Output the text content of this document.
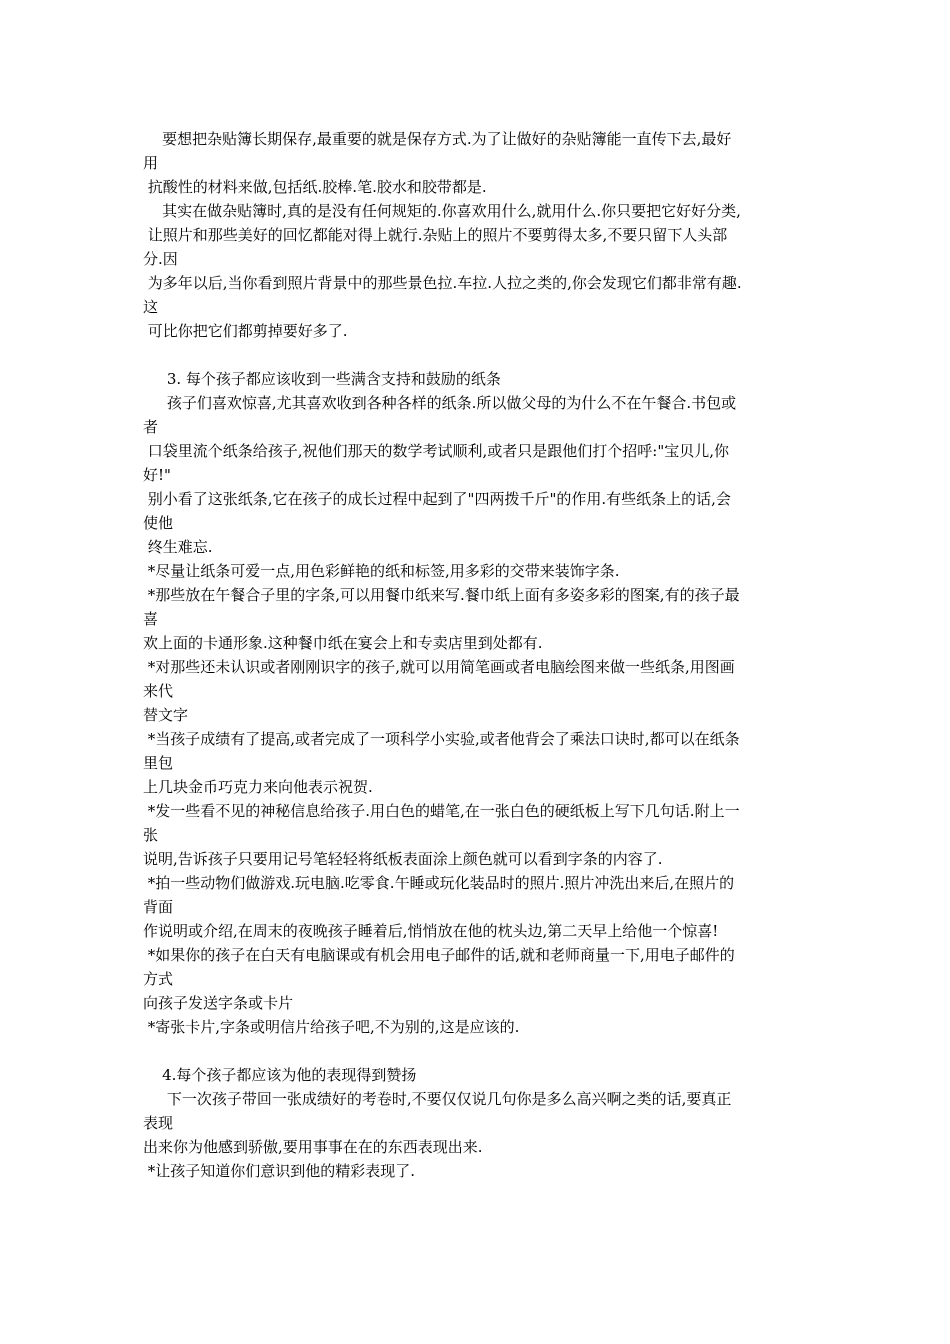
要想把杂贴簿长期保存,最重要的就是保存方式.为了让做好的杂贴簿能一直传下去,最好
用
抗酸性的材料来做,包括纸.胶棒.笔.胶水和胶带都是.
其实在做杂贴簿时,真的是没有任何规矩的.你喜欢用什么,就用什么.你只要把它好好分类,
让照片和那些美好的回忆都能对得上就行.杂贴上的照片不要剪得太多,不要只留下人头部
分.因
为多年以后,当你看到照片背景中的那些景色拉.车拉.人拉之类的,你会发现它们都非常有趣.
这
可比你把它们都剪掉要好多了.
3. 每个孩子都应该收到一些满含支持和鼓励的纸条
孩子们喜欢惊喜,尤其喜欢收到各种各样的纸条.所以做父母的为什么不在午餐合.书包或
者
口袋里流个纸条给孩子,祝他们那天的数学考试顺利,或者只是跟他们打个招呼:"宝贝儿,你
好!"
别小看了这张纸条,它在孩子的成长过程中起到了"四两拨千斤"的作用.有些纸条上的话,会
使他
终生难忘.
*尽量让纸条可爱一点,用色彩鲜艳的纸和标签,用多彩的交带来装饰字条.
*那些放在午餐合子里的字条,可以用餐巾纸来写.餐巾纸上面有多姿多彩的图案,有的孩子最
喜
欢上面的卡通形象.这种餐巾纸在宴会上和专卖店里到处都有.
*对那些还未认识或者刚刚识字的孩子,就可以用简笔画或者电脑绘图来做一些纸条,用图画
来代
替文字
*当孩子成绩有了提高,或者完成了一项科学小实验,或者他背会了乘法口诀时,都可以在纸条
里包
上几块金币巧克力来向他表示祝贺.
*发一些看不见的神秘信息给孩子.用白色的蜡笔,在一张白色的硬纸板上写下几句话.附上一
张
说明,告诉孩子只要用记号笔轻轻将纸板表面涂上颜色就可以看到字条的内容了.
*拍一些动物们做游戏.玩电脑.吃零食.午睡或玩化装品时的照片.照片冲洗出来后,在照片的
背面
作说明或介绍,在周末的夜晚孩子睡着后,悄悄放在他的枕头边,第二天早上给他一个惊喜!
*如果你的孩子在白天有电脑课或有机会用电子邮件的话,就和老师商量一下,用电子邮件的
方式
向孩子发送字条或卡片
*寄张卡片,字条或明信片给孩子吧,不为别的,这是应该的.
4.每个孩子都应该为他的表现得到赞扬
下一次孩子带回一张成绩好的考卷时,不要仅仅说几句你是多么高兴啊之类的话,要真正
表现
出来你为他感到骄傲,要用事事在在的东西表现出来.
*让孩子知道你们意识到他的精彩表现了.
